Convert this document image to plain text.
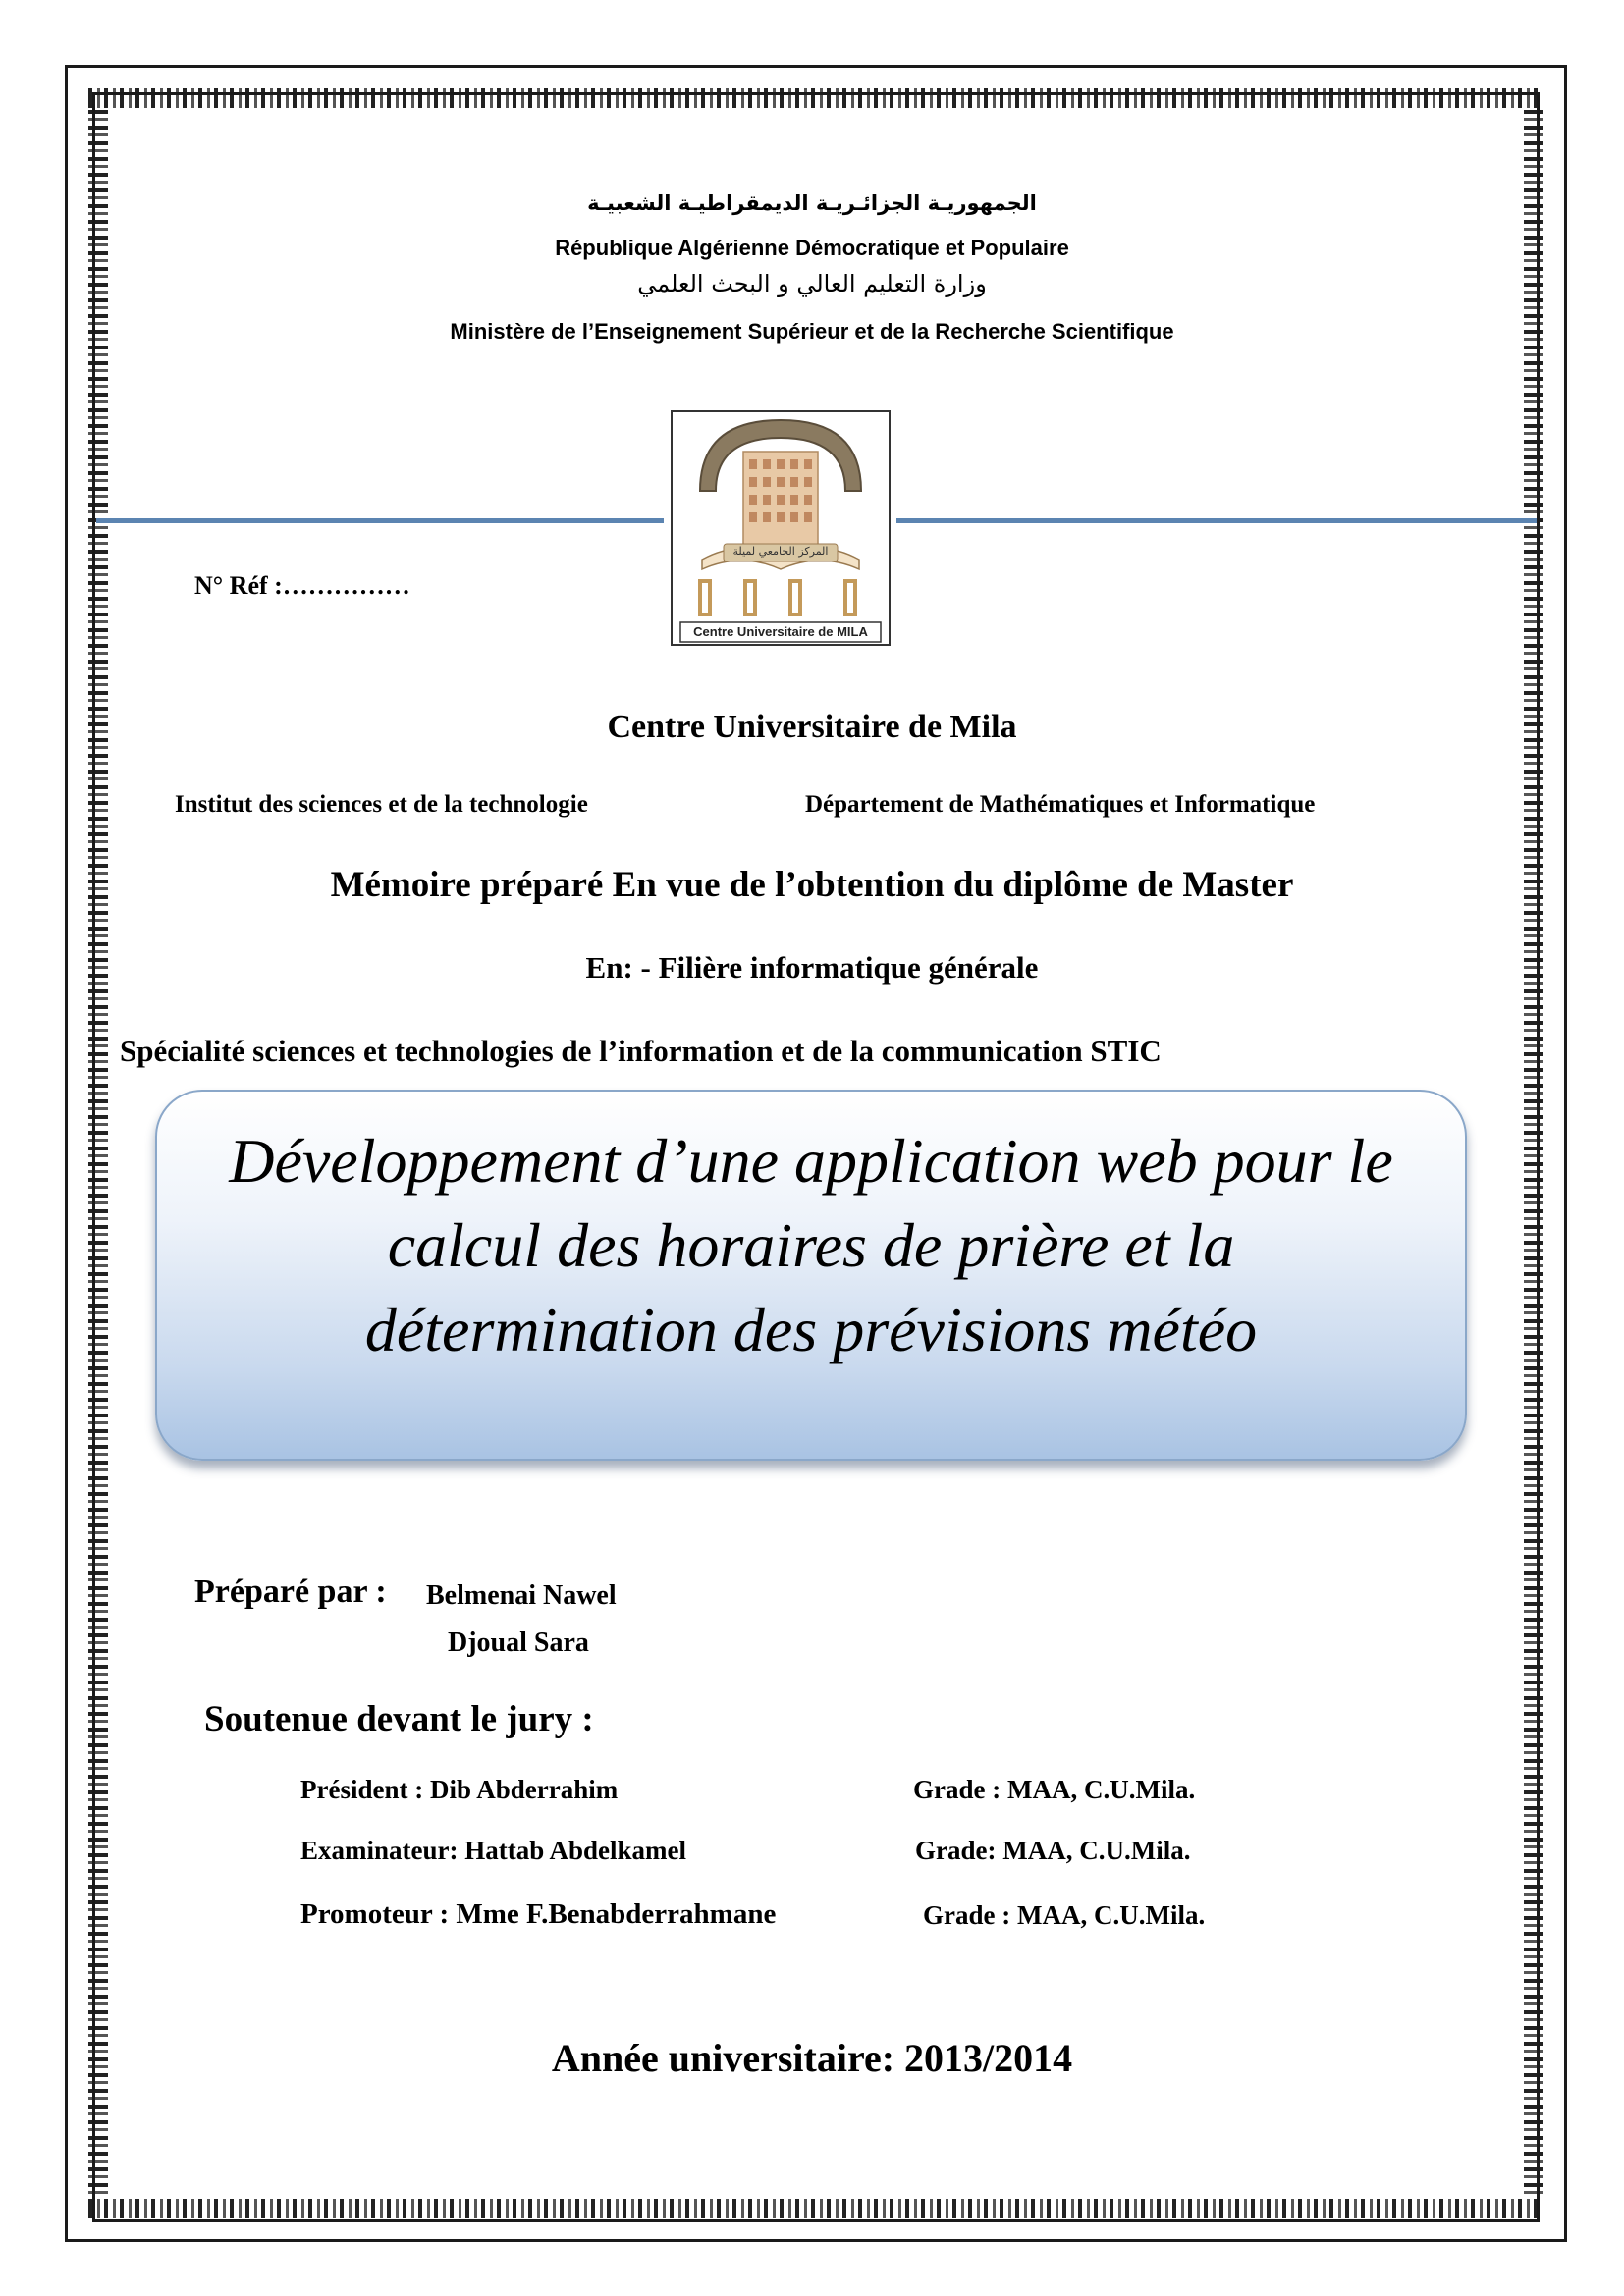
الجمهوريـة الجزائـريـة الديمقراطيـة الشعبيـة
République Algérienne Démocratique et Populaire
وزارة التعليم العالي و البحث العلمي
Ministère de l’Enseignement Supérieur et de la Recherche Scientifique
المركز الجامعي لميلة
Centre Universitaire de MILA
N° Réf :……………
Centre Universitaire de Mila
Institut des sciences et de la technologie	Département de Mathématiques et Informatique
Mémoire préparé En vue de l’obtention du diplôme de Master
En: - Filière informatique générale
Spécialité sciences et technologies de l’information et de la communication STIC
Développement d’une application web pour le
calcul des horaires de prière et la
détermination des prévisions météo
Préparé par : Belmenai Nawel
Djoual Sara
Soutenue devant le jury :
Président : Dib Abderrahim	Grade : MAA, C.U.Mila.
Examinateur: Hattab Abdelkamel	Grade: MAA, C.U.Mila.
Promoteur : Mme F.Benabderrahmane	Grade : MAA, C.U.Mila.
Année universitaire: 2013/2014
